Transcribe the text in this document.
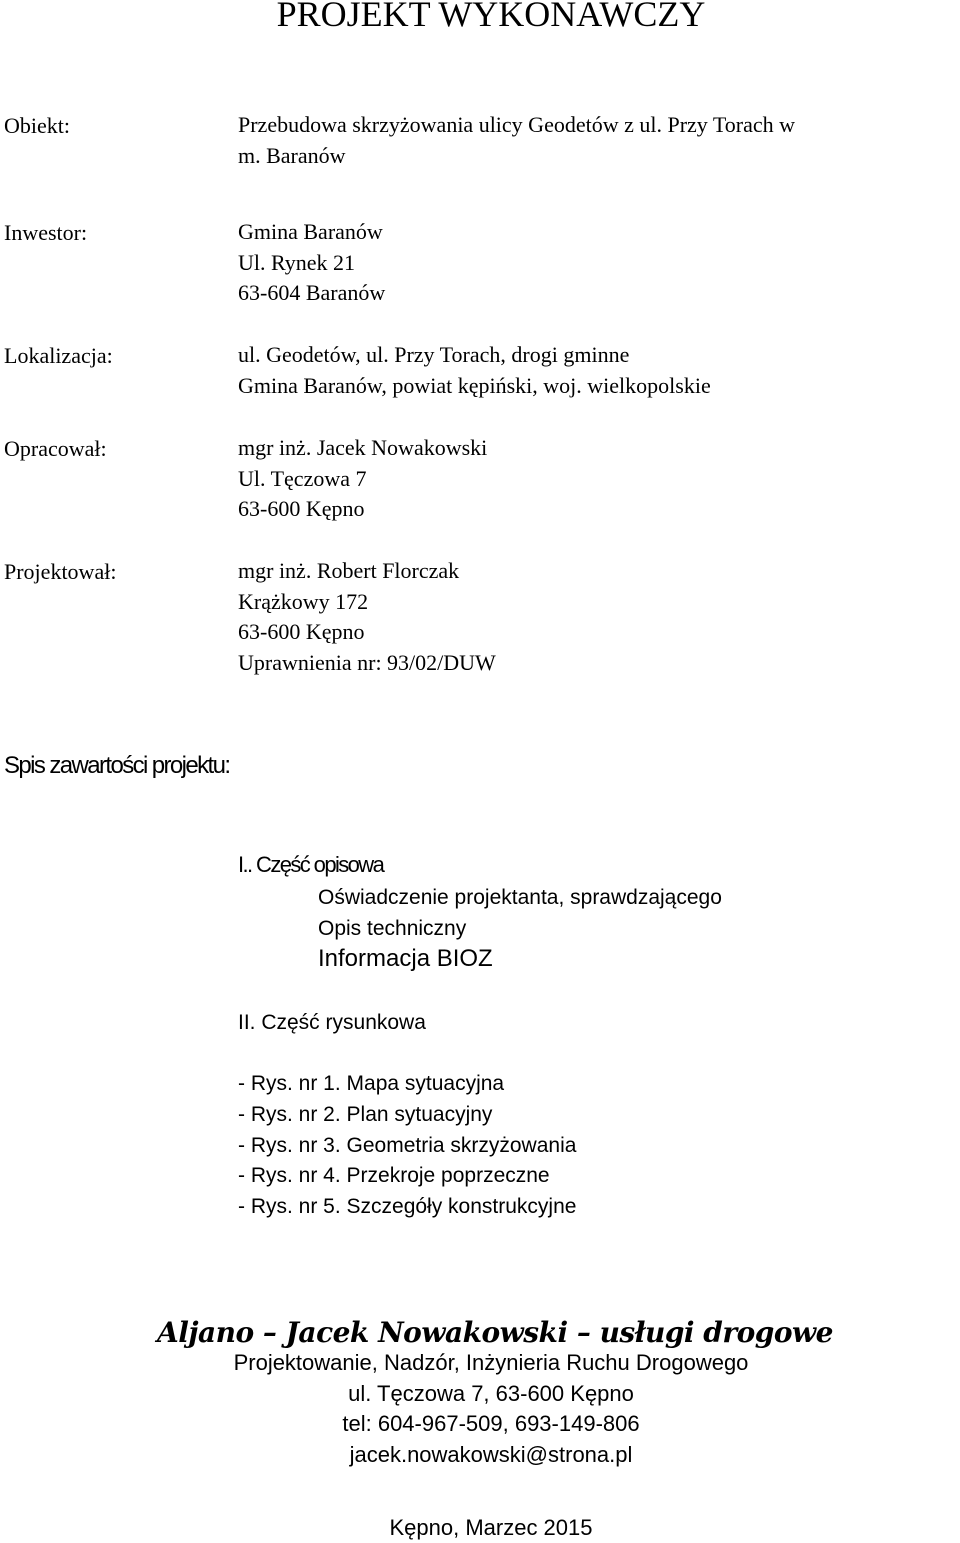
PROJEKT WYKONAWCZY
Obiekt:	Przebudowa skrzyżowania ulicy Geodetów z ul. Przy Torach w
m. Baranów
Inwestor:	Gmina Baranów
Ul. Rynek 21
63-604 Baranów
Lokalizacja:	ul. Geodetów, ul. Przy Torach, drogi gminne
Gmina Baranów, powiat kępiński, woj. wielkopolskie
Opracował:	mgr inż. Jacek Nowakowski
Ul. Tęczowa 7
63-600 Kępno
Projektował:	mgr inż. Robert Florczak
Krążkowy 172
63-600 Kępno
Uprawnienia nr: 93/02/DUW
Spis zawartości projektu:
I.. Część opisowa
Oświadczenie projektanta, sprawdzającego
Opis techniczny
Informacja BIOZ
II. Część rysunkowa
- Rys. nr 1. Mapa sytuacyjna
- Rys. nr 2. Plan sytuacyjny
- Rys. nr 3. Geometria skrzyżowania
- Rys. nr 4. Przekroje poprzeczne
- Rys. nr 5. Szczegóły konstrukcyjne
Aljano – Jacek Nowakowski – usługi drogowe
Projektowanie, Nadzór, Inżynieria Ruchu Drogowego
ul. Tęczowa 7, 63-600 Kępno
tel: 604-967-509, 693-149-806
jacek.nowakowski@strona.pl
Kępno, Marzec 2015
